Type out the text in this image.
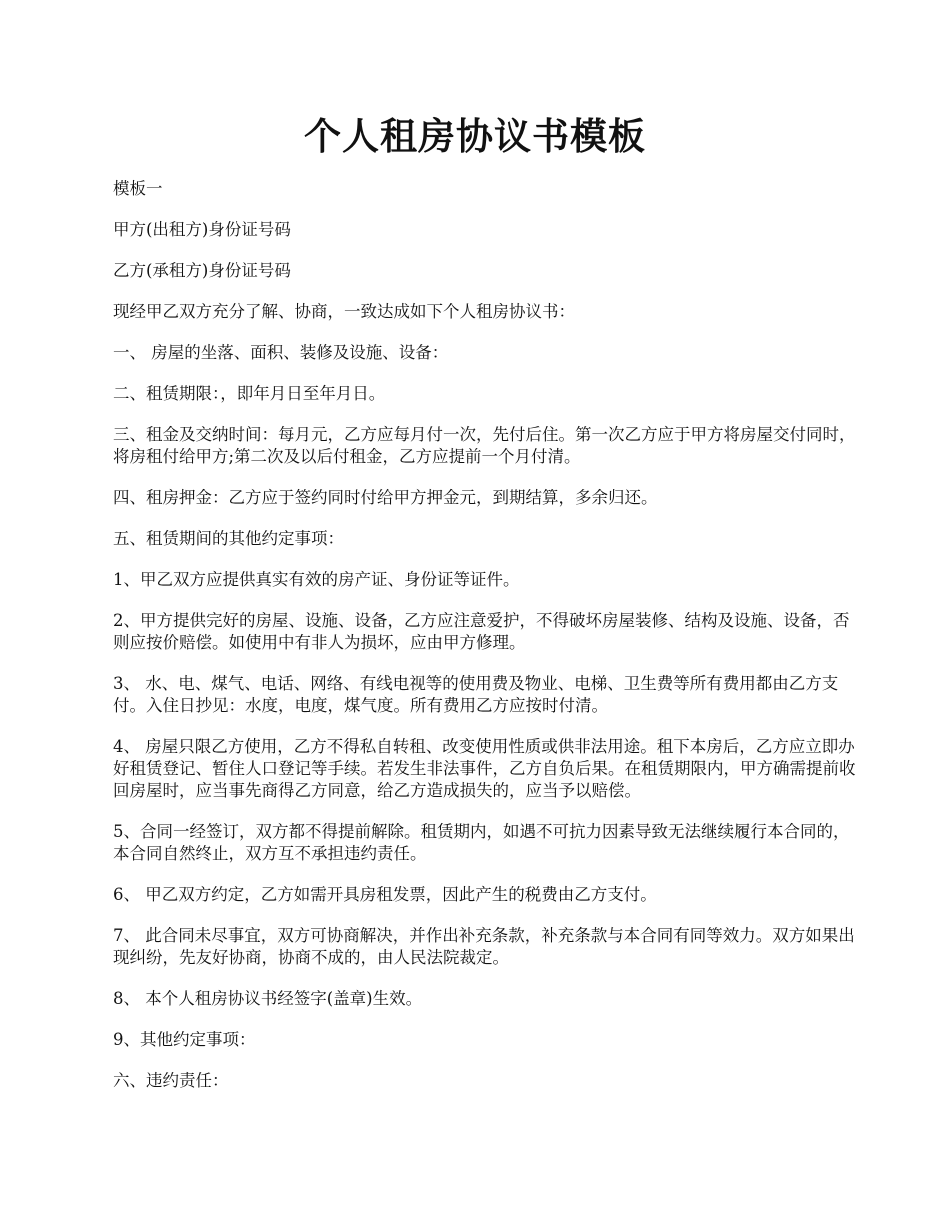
个人租房协议书模板

模板一

甲方(出租方)身份证号码

乙方(承租方)身份证号码

现经甲乙双方充分了解、协商，一致达成如下个人租房协议书：

一、 房屋的坐落、面积、装修及设施、设备：

二、租赁期限：，即年月日至年月日。

三、租金及交纳时间：每月元，乙方应每月付一次，先付后住。第一次乙方应于甲方将房屋交付同时，将房租付给甲方;第二次及以后付租金，乙方应提前一个月付清。

四、租房押金：乙方应于签约同时付给甲方押金元，到期结算，多余归还。

五、租赁期间的其他约定事项：

1、甲乙双方应提供真实有效的房产证、身份证等证件。

2、甲方提供完好的房屋、设施、设备，乙方应注意爱护，不得破坏房屋装修、结构及设施、设备，否则应按价赔偿。如使用中有非人为损坏，应由甲方修理。

3、 水、电、煤气、电话、网络、有线电视等的使用费及物业、电梯、卫生费等所有费用都由乙方支付。入住日抄见：水度，电度，煤气度。所有费用乙方应按时付清。

4、 房屋只限乙方使用，乙方不得私自转租、改变使用性质或供非法用途。租下本房后，乙方应立即办好租赁登记、暂住人口登记等手续。若发生非法事件，乙方自负后果。在租赁期限内，甲方确需提前收回房屋时，应当事先商得乙方同意，给乙方造成损失的，应当予以赔偿。

5、合同一经签订，双方都不得提前解除。租赁期内，如遇不可抗力因素导致无法继续履行本合同的，本合同自然终止，双方互不承担违约责任。

6、 甲乙双方约定，乙方如需开具房租发票，因此产生的税费由乙方支付。

7、 此合同未尽事宜，双方可协商解决，并作出补充条款，补充条款与本合同有同等效力。双方如果出现纠纷，先友好协商，协商不成的，由人民法院裁定。

8、 本个人租房协议书经签字(盖章)生效。

9、其他约定事项：

六、违约责任：
